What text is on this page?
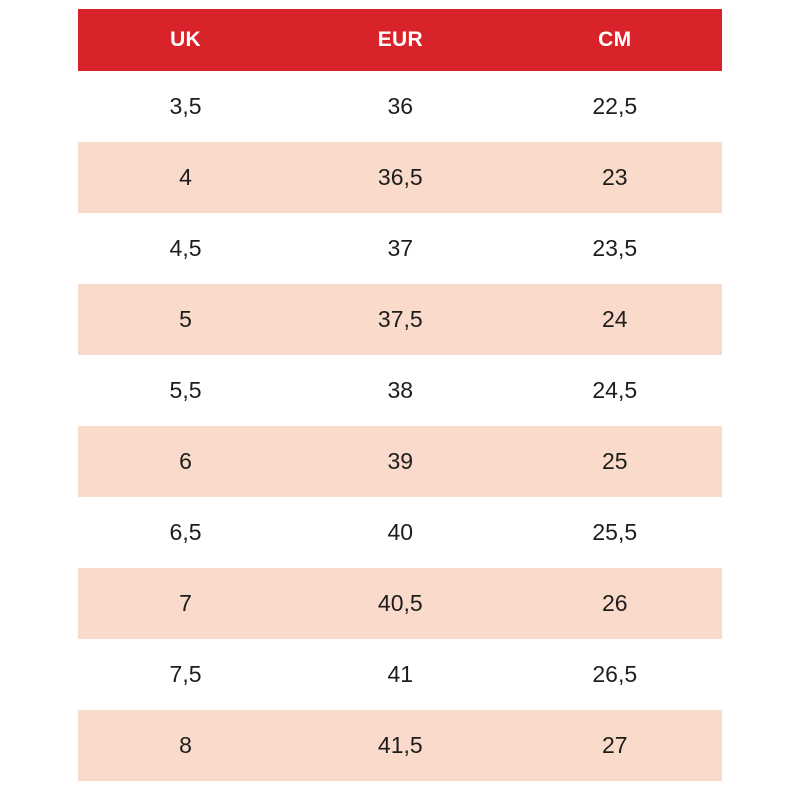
UK	EUR	CM
3,5	36	22,5
4	36,5	23
4,5	37	23,5
5	37,5	24
5,5	38	24,5
6	39	25
6,5	40	25,5
7	40,5	26
7,5	41	26,5
8	41,5	27
